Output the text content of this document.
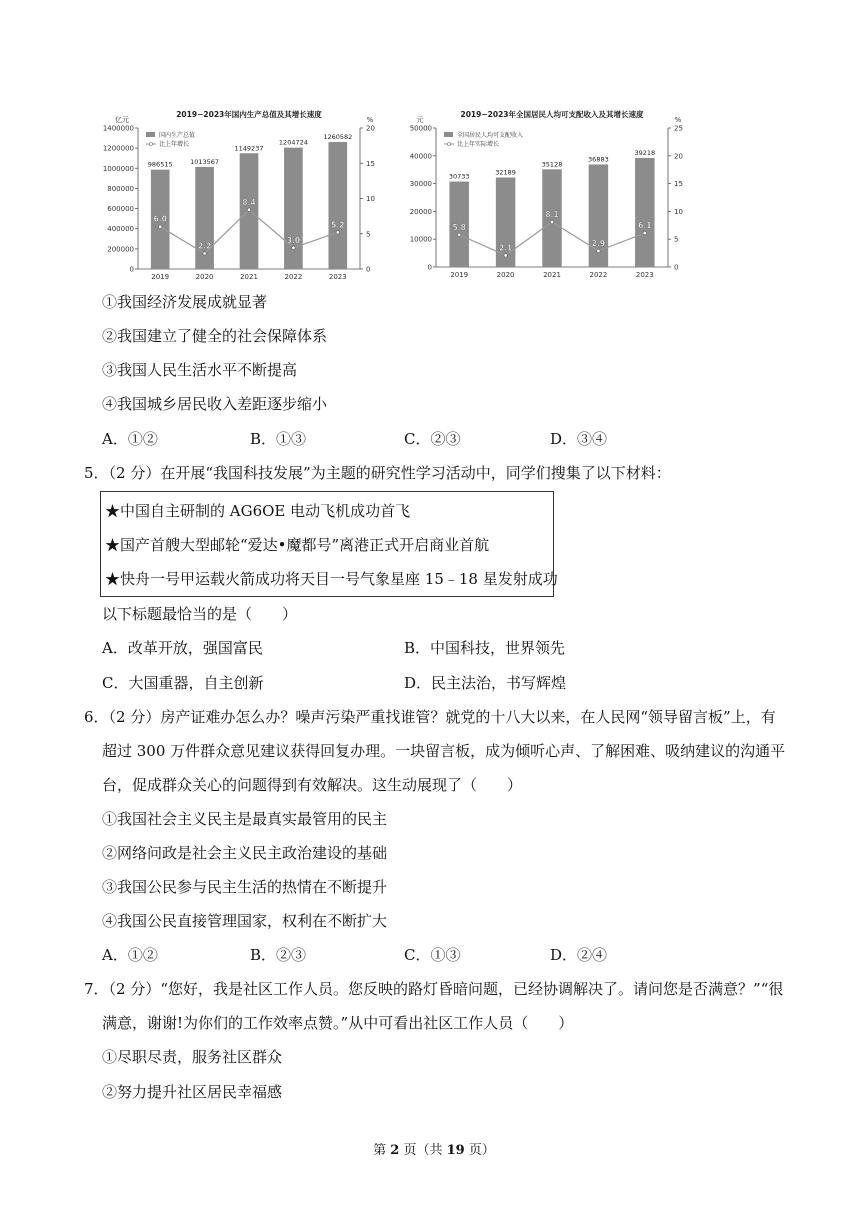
2019−2023年国内生产总值及其增长速度
亿元	%
0
200000
400000
600000
800000
1000000
1200000
1400000
0
5
10
15
20
986515
2019
1013567
2020
1149237
2021
1204724
2022
1260582
2023
6.0
2.2
8.4
3.0
5.2
国内生产总值
比上年增长
2019−2023年全国居民人均可支配收入及其增长速度
元	%
0
10000
20000
30000
40000
50000
0
5
10
15
20
25
30733
2019
32189
2020
35128
2021
36883
2022
39218
2023
5.8
2.1
8.1
2.9
6.1
全国居民人均可支配收入
比上年实际增长
①我国经济发展成就显著
②我国建立了健全的社会保障体系
③我国人民生活水平不断提高
④我国城乡居民收入差距逐步缩小
A．①②	B．①③	C．②③	D．③④
5．（2 分）在开展“我国科技发展”为主题的研究性学习活动中，同学们搜集了以下材料：
★中国自主研制的 AG6OE 电动飞机成功首飞
★国产首艘大型邮轮“爱达•魔都号”离港正式开启商业首航
★快舟一号甲运载火箭成功将天目一号气象星座 15﹣18 星发射成功
以下标题最恰当的是（　　）
A．改革开放，强国富民	B．中国科技，世界领先
C．大国重器，自主创新	D．民主法治，书写辉煌
6．（2 分）房产证难办怎么办？噪声污染严重找谁管？就党的十八大以来，在人民网“领导留言板”上，有
超过 300 万件群众意见建议获得回复办理。一块留言板，成为倾听心声、了解困难、吸纳建议的沟通平
台，促成群众关心的问题得到有效解决。这生动展现了（　　）
①我国社会主义民主是最真实最管用的民主
②网络问政是社会主义民主政治建设的基础
③我国公民参与民主生活的热情在不断提升
④我国公民直接管理国家，权利在不断扩大
A．①②	B．②③	C．①③	D．②④
7．（2 分）“您好，我是社区工作人员。您反映的路灯昏暗问题，已经协调解决了。请问您是否满意？”“很
满意，谢谢!为你们的工作效率点赞。”从中可看出社区工作人员（　　）
①尽职尽责，服务社区群众
②努力提升社区居民幸福感
第 2 页（共 19 页）
